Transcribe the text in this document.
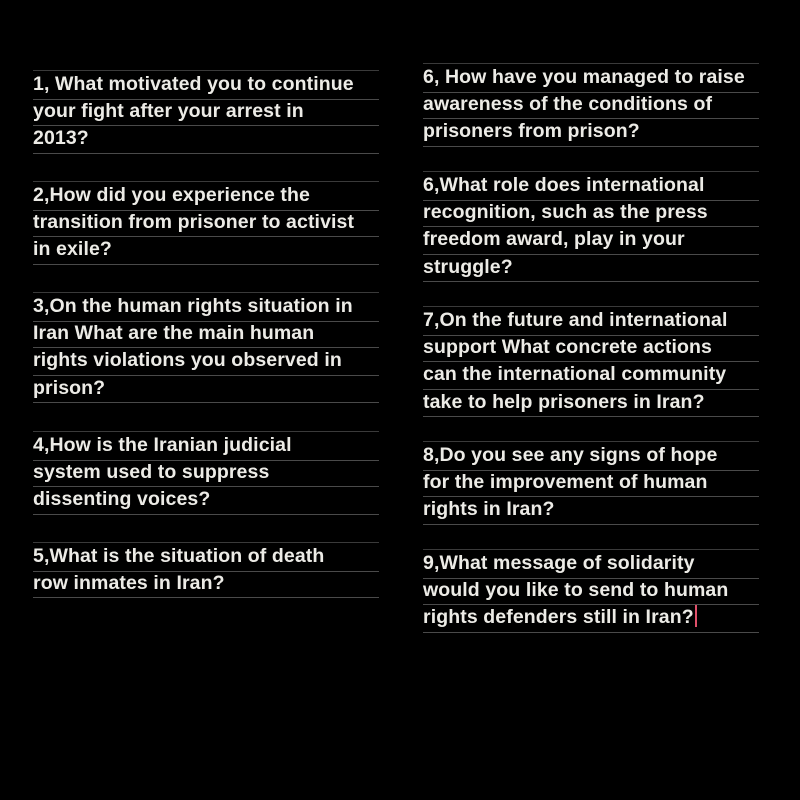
1, What motivated you to continue
your fight after your arrest in
2013?
2,How did you experience the
transition from prisoner to activist
in exile?
3,On the human rights situation in
Iran What are the main human
rights violations you observed in
prison?
4,How is the Iranian judicial
system used to suppress
dissenting voices?
5,What is the situation of death
row inmates in Iran?
6, How have you managed to raise
awareness of the conditions of
prisoners from prison?
6,What role does international
recognition, such as the press
freedom award, play in your
struggle?
7,On the future and international
support What concrete actions
can the international community
take to help prisoners in Iran?
8,Do you see any signs of hope
for the improvement of human
rights in Iran?
9,What message of solidarity
would you like to send to human
rights defenders still in Iran?
